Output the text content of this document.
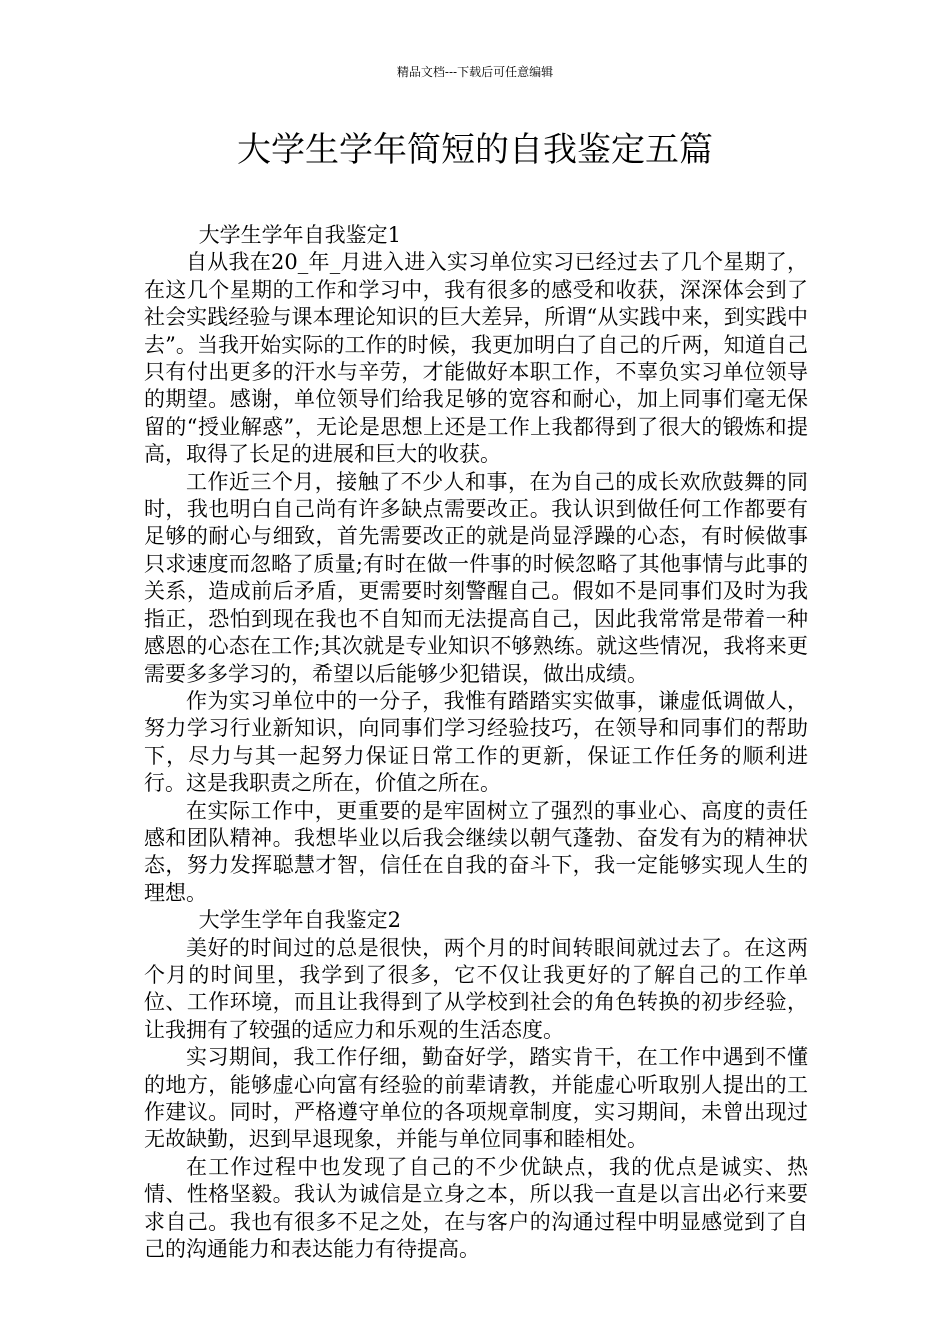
精品文档---下载后可任意编辑
大学生学年简短的自我鉴定五篇

大学生学年自我鉴定1

自从我在20_年_月进入进入实习单位实习已经过去了几个星期了，在这几个星期的工作和学习中，我有很多的感受和收获，深深体会到了社会实践经验与课本理论知识的巨大差异，所谓“从实践中来，到实践中去”。当我开始实际的工作的时候，我更加明白了自己的斤两，知道自己只有付出更多的汗水与辛劳，才能做好本职工作，不辜负实习单位领导的期望。感谢，单位领导们给我足够的宽容和耐心，加上同事们毫无保留的“授业解惑”，无论是思想上还是工作上我都得到了很大的锻炼和提高，取得了长足的进展和巨大的收获。

工作近三个月，接触了不少人和事，在为自己的成长欢欣鼓舞的同时，我也明白自己尚有许多缺点需要改正。我认识到做任何工作都要有足够的耐心与细致，首先需要改正的就是尚显浮躁的心态，有时候做事只求速度而忽略了质量;有时在做一件事的时候忽略了其他事情与此事的关系，造成前后矛盾，更需要时刻警醒自己。假如不是同事们及时为我指正，恐怕到现在我也不自知而无法提高自己，因此我常常是带着一种感恩的心态在工作;其次就是专业知识不够熟练。就这些情况，我将来更需要多多学习的，希望以后能够少犯错误，做出成绩。

作为实习单位中的一分子，我惟有踏踏实实做事，谦虚低调做人，努力学习行业新知识，向同事们学习经验技巧，在领导和同事们的帮助下，尽力与其一起努力保证日常工作的更新，保证工作任务的顺利进行。这是我职责之所在，价值之所在。

在实际工作中，更重要的是牢固树立了强烈的事业心、高度的责任感和团队精神。我想毕业以后我会继续以朝气蓬勃、奋发有为的精神状态，努力发挥聪慧才智，信任在自我的奋斗下，我一定能够实现人生的理想。

大学生学年自我鉴定2

美好的时间过的总是很快，两个月的时间转眼间就过去了。在这两个月的时间里，我学到了很多，它不仅让我更好的了解自己的工作单位、工作环境，而且让我得到了从学校到社会的角色转换的初步经验，让我拥有了较强的适应力和乐观的生活态度。

实习期间，我工作仔细，勤奋好学，踏实肯干，在工作中遇到不懂的地方，能够虚心向富有经验的前辈请教，并能虚心听取别人提出的工作建议。同时，严格遵守单位的各项规章制度，实习期间，未曾出现过无故缺勤，迟到早退现象，并能与单位同事和睦相处。

在工作过程中也发现了自己的不少优缺点，我的优点是诚实、热情、性格坚毅。我认为诚信是立身之本，所以我一直是以言出必行来要求自己。我也有很多不足之处，在与客户的沟通过程中明显感觉到了自己的沟通能力和表达能力有待提高。
